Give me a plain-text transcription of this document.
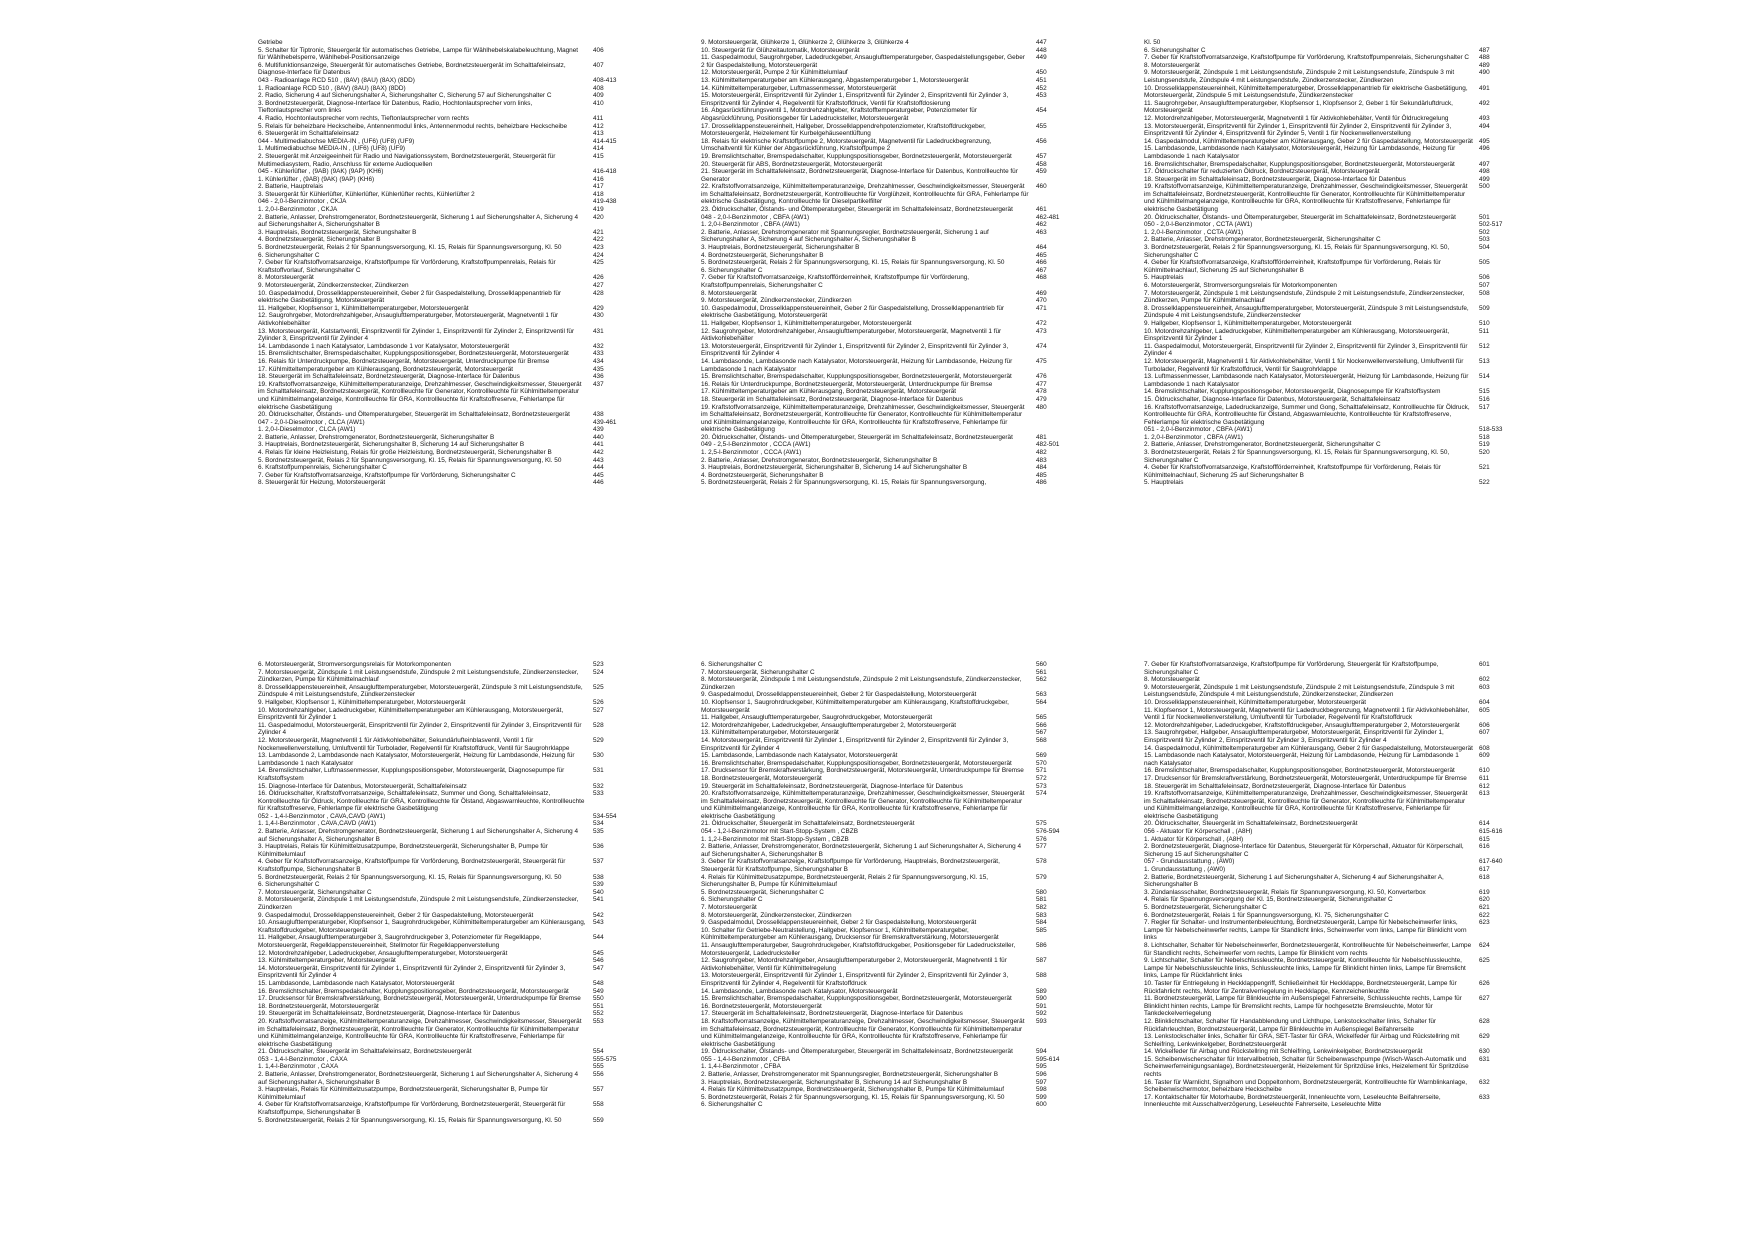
Getriebe
5. Schalter für Tiptronic, Steuergerät für automatisches Getriebe, Lampe für Wählhebelskalabeleuchtung, Magnet für Wählhebelsperre, Wählhebel-Positionsanzeige
406
6. Multifunktionsanzeige, Steuergerät für automatisches Getriebe, Bordnetzsteuergerät im Schalttafeleinsatz, Diagnose-Interface für Datenbus
407
043 - Radioanlage RCD 510 , (8AV) (8AU) (8AX) (8DD)	408-413
1. Radioanlage RCD 510 , (8AV) (8AU) (8AX) (8DD)	408
2. Radio, Sicherung 4 auf Sicherungshalter A, Sicherungshalter C, Sicherung 57 auf Sicherungshalter C	409
3. Bordnetzsteuergerät, Diagnose-Interface für Datenbus, Radio, Hochtonlautsprecher vorn links, Tieftonlautsprecher vorn links
410
4. Radio, Hochtonlautsprecher vorn rechts, Tieftonlautsprecher vorn rechts	411
5. Relais für beheizbare Heckscheibe, Antennenmodul links, Antennenmodul rechts, beheizbare Heckscheibe	412
6. Steuergerät im Schalttafeleinsatz	413
044 - Multimediabuchse MEDIA-IN , (UF6) (UF8) (UF9)	414-415
1. Multimediabuchse MEDIA-IN , (UF6) (UF8) (UF9)	414
2. Steuergerät mit Anzeigeeinheit für Radio und Navigationssystem, Bordnetzsteuergerät, Steuergerät für Multimediasystem, Radio, Anschluss für externe Audioquellen
415
045 - Kühlerlüfter , (9AB) (9AK) (9AP) (KH6)	416-418
1. Kühlerlüfter , (9AB) (9AK) (9AP) (KH6)	416
2. Batterie, Hauptrelais	417
3. Steuergerät für Kühlerlüfter, Kühlerlüfter, Kühlerlüfter rechts, Kühlerlüfter 2	418
046 - 2,0-l-Benzinmotor , CKJA	419-438
1. 2,0-l-Benzinmotor , CKJA	419
2. Batterie, Anlasser, Drehstromgenerator, Bordnetzsteuergerät, Sicherung 1 auf Sicherungshalter A, Sicherung 4 auf Sicherungshalter A, Sicherungshalter B
420
3. Hauptrelais, Bordnetzsteuergerät, Sicherungshalter B	421
4. Bordnetzsteuergerät, Sicherungshalter B	422
5. Bordnetzsteuergerät, Relais 2 für Spannungsversorgung, Kl. 15, Relais für Spannungsversorgung, Kl. 50	423
6. Sicherungshalter C	424
7. Geber für Kraftstoffvorratsanzeige, Kraftstoffpumpe für Vorförderung, Kraftstoffpumpenrelais, Relais für Kraftstoffvorlauf, Sicherungshalter C
425
8. Motorsteuergerät	426
9. Motorsteuergerät, Zündkerzenstecker, Zündkerzen	427
10. Gaspedalmodul, Drosselklappensteuereinheit, Geber 2 für Gaspedalstellung, Drosselklappenantrieb für elektrische Gasbetätigung, Motorsteuergerät
428
11. Hallgeber, Klopfsensor 1, Kühlmitteltemperaturgeber, Motorsteuergerät	429
12. Saugrohrgeber, Motordrehzahlgeber, Ansauglufttemperaturgeber, Motorsteuergerät, Magnetventil 1 für Aktivkohlebehälter
430
13. Motorsteuergerät, Katstartventil, Einspritzventil für Zylinder 1, Einspritzventil für Zylinder 2, Einspritzventil für Zylinder 3, Einspritzventil für Zylinder 4
431
14. Lambdasonde 1 nach Katalysator, Lambdasonde 1 vor Katalysator, Motorsteuergerät	432
15. Bremslichtschalter, Bremspedalschalter, Kupplungspositionsgeber, Bordnetzsteuergerät, Motorsteuergerät	433
16. Relais für Unterdruckpumpe, Bordnetzsteuergerät, Motorsteuergerät, Unterdruckpumpe für Bremse	434
17. Kühlmitteltemperaturgeber am Kühlerausgang, Bordnetzsteuergerät, Motorsteuergerät	435
18. Steuergerät im Schalttafeleinsatz, Bordnetzsteuergerät, Diagnose-Interface für Datenbus	436
19. Kraftstoffvorratsanzeige, Kühlmitteltemperaturanzeige, Drehzahlmesser, Geschwindigkeitsmesser, Steuergerät im Schalttafeleinsatz, Bordnetzsteuergerät, Kontrollleuchte für Generator, Kontrollleuchte für Kühlmitteltemperatur und Kühlmittelmangelanzeige, Kontrollleuchte für GRA, Kontrollleuchte für Kraftstoffreserve, Fehlerlampe für elektrische Gasbetätigung
437
20. Öldruckschalter, Ölstands- und Öltemperaturgeber, Steuergerät im Schalttafeleinsatz, Bordnetzsteuergerät	438
047 - 2,0-l-Dieselmotor , CLCA (AW1)	439-461
1. 2,0-l-Dieselmotor , CLCA (AW1)	439
2. Batterie, Anlasser, Drehstromgenerator, Bordnetzsteuergerät, Sicherungshalter B	440
3. Hauptrelais, Bordnetzsteuergerät, Sicherungshalter B, Sicherung 14 auf Sicherungshalter B	441
4. Relais für kleine Heizleistung, Relais für große Heizleistung, Bordnetzsteuergerät, Sicherungshalter B	442
5. Bordnetzsteuergerät, Relais 2 für Spannungsversorgung, Kl. 15, Relais für Spannungsversorgung, Kl. 50	443
6. Kraftstoffpumpenrelais, Sicherungshalter C	444
7. Geber für Kraftstoffvorratsanzeige, Kraftstoffpumpe für Vorförderung, Sicherungshalter C	445
8. Steuergerät für Heizung, Motorsteuergerät	446
9. Motorsteuergerät, Glühkerze 1, Glühkerze 2, Glühkerze 3, Glühkerze 4	447
10. Steuergerät für Glühzeitautomatik, Motorsteuergerät	448
11. Gaspedalmodul, Saugrohrgeber, Ladedruckgeber, Ansauglufttemperaturgeber, Gaspedalstellungsgeber, Geber 2 für Gaspedalstellung, Motorsteuergerät
449
12. Motorsteuergerät, Pumpe 2 für Kühlmittelumlauf	450
13. Kühlmitteltemperaturgeber am Kühlerausgang, Abgastemperaturgeber 1, Motorsteuergerät	451
14. Kühlmitteltemperaturgeber, Luftmassenmesser, Motorsteuergerät	452
15. Motorsteuergerät, Einspritzventil für Zylinder 1, Einspritzventil für Zylinder 2, Einspritzventil für Zylinder 3, Einspritzventil für Zylinder 4, Regelventil für Kraftstoffdruck, Ventil für Kraftstoffdosierung
453
16. Abgasrückführungsventil 1, Motordrehzahlgeber, Kraftstofftemperaturgeber, Potenziometer für Abgasrückführung, Positionsgeber für Ladedrucksteller, Motorsteuergerät
454
17. Drosselklappensteuereinheit, Hallgeber, Drosselklappendrehpotenziometer, Kraftstoffdruckgeber, Motorsteuergerät, Heizelement für Kurbelgehäuseentlüftung
455
18. Relais für elektrische Kraftstoffpumpe 2, Motorsteuergerät, Magnetventil für Ladedruckbegrenzung, Umschaltventil für Kühler der Abgasrückführung, Kraftstoffpumpe 2
456
19. Bremslichtschalter, Bremspedalschalter, Kupplungspositionsgeber, Bordnetzsteuergerät, Motorsteuergerät	457
20. Steuergerät für ABS, Bordnetzsteuergerät, Motorsteuergerät	458
21. Steuergerät im Schalttafeleinsatz, Bordnetzsteuergerät, Diagnose-Interface für Datenbus, Kontrollleuchte für Generator
459
22. Kraftstoffvorratsanzeige, Kühlmitteltemperaturanzeige, Drehzahlmesser, Geschwindigkeitsmesser, Steuergerät im Schalttafeleinsatz, Bordnetzsteuergerät, Kontrollleuchte für Vorglühzeit, Kontrollleuchte für GRA, Fehlerlampe für elektrische Gasbetätigung, Kontrollleuchte für Dieselpartikelfilter
460
23. Öldruckschalter, Ölstands- und Öltemperaturgeber, Steuergerät im Schalttafeleinsatz, Bordnetzsteuergerät	461
048 - 2,0-l-Benzinmotor , CBFA (AW1)	462-481
1. 2,0-l-Benzinmotor , CBFA (AW1)	462
2. Batterie, Anlasser, Drehstromgenerator mit Spannungsregler, Bordnetzsteuergerät, Sicherung 1 auf Sicherungshalter A, Sicherung 4 auf Sicherungshalter A, Sicherungshalter B
463
3. Hauptrelais, Bordnetzsteuergerät, Sicherungshalter B	464
4. Bordnetzsteuergerät, Sicherungshalter B	465
5. Bordnetzsteuergerät, Relais 2 für Spannungsversorgung, Kl. 15, Relais für Spannungsversorgung, Kl. 50	466
6. Sicherungshalter C	467
7. Geber für Kraftstoffvorratsanzeige, Kraftstoffförderreinheit, Kraftstoffpumpe für Vorförderung, Kraftstoffpumpenrelais, Sicherungshalter C
468
8. Motorsteuergerät	469
9. Motorsteuergerät, Zündkerzenstecker, Zündkerzen	470
10. Gaspedalmodul, Drosselklappensteuereinheit, Geber 2 für Gaspedalstellung, Drosselklappenantrieb für elektrische Gasbetätigung, Motorsteuergerät
471
11. Hallgeber, Klopfsensor 1, Kühlmitteltemperaturgeber, Motorsteuergerät	472
12. Saugrohrgeber, Motordrehzahlgeber, Ansauglufttemperaturgeber, Motorsteuergerät, Magnetventil 1 für Aktivkohlebehälter
473
13. Motorsteuergerät, Einspritzventil für Zylinder 1, Einspritzventil für Zylinder 2, Einspritzventil für Zylinder 3, Einspritzventil für Zylinder 4
474
14. Lambdasonde, Lambdasonde nach Katalysator, Motorsteuergerät, Heizung für Lambdasonde, Heizung für Lambdasonde 1 nach Katalysator
475
15. Bremslichtschalter, Bremspedalschalter, Kupplungspositionsgeber, Bordnetzsteuergerät, Motorsteuergerät	476
16. Relais für Unterdruckpumpe, Bordnetzsteuergerät, Motorsteuergerät, Unterdruckpumpe für Bremse	477
17. Kühlmitteltemperaturgeber am Kühlerausgang, Bordnetzsteuergerät, Motorsteuergerät	478
18. Steuergerät im Schalttafeleinsatz, Bordnetzsteuergerät, Diagnose-Interface für Datenbus	479
19. Kraftstoffvorratsanzeige, Kühlmitteltemperaturanzeige, Drehzahlmesser, Geschwindigkeitsmesser, Steuergerät im Schalttafeleinsatz, Bordnetzsteuergerät, Kontrollleuchte für Generator, Kontrollleuchte für Kühlmitteltemperatur und Kühlmittelmangelanzeige, Kontrollleuchte für GRA, Kontrollleuchte für Kraftstoffreserve, Fehlerlampe für elektrische Gasbetätigung
480
20. Öldruckschalter, Ölstands- und Öltemperaturgeber, Steuergerät im Schalttafeleinsatz, Bordnetzsteuergerät	481
049 - 2,5-l-Benzinmotor , CCCA (AW1)	482-501
1. 2,5-l-Benzinmotor , CCCA (AW1)	482
2. Batterie, Anlasser, Drehstromgenerator, Bordnetzsteuergerät, Sicherungshalter B	483
3. Hauptrelais, Bordnetzsteuergerät, Sicherungshalter B, Sicherung 14 auf Sicherungshalter B	484
4. Bordnetzsteuergerät, Sicherungshalter B	485
5. Bordnetzsteuergerät, Relais 2 für Spannungsversorgung, Kl. 15, Relais für Spannungsversorgung,	486
Kl. 50
6. Sicherungshalter C	487
7. Geber für Kraftstoffvorratsanzeige, Kraftstoffpumpe für Vorförderung, Kraftstoffpumpenrelais, Sicherungshalter C	488
8. Motorsteuergerät	489
9. Motorsteuergerät, Zündspule 1 mit Leistungsendstufe, Zündspule 2 mit Leistungsendstufe, Zündspule 3 mit Leistungsendstufe, Zündspule 4 mit Leistungsendstufe, Zündkerzenstecker, Zündkerzen
490
10. Drosselklappensteuereinheit, Kühlmitteltemperaturgeber, Drosselklappenantrieb für elektrische Gasbetätigung, Motorsteuergerät, Zündspule 5 mit Leistungsendstufe, Zündkerzenstecker
491
11. Saugrohrgeber, Ansauglufttemperaturgeber, Klopfsensor 1, Klopfsensor 2, Geber 1 für Sekundärluftdruck, Motorsteuergerät
492
12. Motordrehzahlgeber, Motorsteuergerät, Magnetventil 1 für Aktivkohlebehälter, Ventil für Öldruckregelung	493
13. Motorsteuergerät, Einspritzventil für Zylinder 1, Einspritzventil für Zylinder 2, Einspritzventil für Zylinder 3, Einspritzventil für Zylinder 4, Einspritzventil für Zylinder 5, Ventil 1 für Nockenwellenverstellung
494
14. Gaspedalmodul, Kühlmitteltemperaturgeber am Kühlerausgang, Geber 2 für Gaspedalstellung, Motorsteuergerät 495
15. Lambdasonde, Lambdasonde nach Katalysator, Motorsteuergerät, Heizung für Lambdasonde, Heizung für Lambdasonde 1 nach Katalysator
496
16. Bremslichtschalter, Bremspedalschalter, Kupplungspositionsgeber, Bordnetzsteuergerät, Motorsteuergerät	497
17. Öldruckschalter für reduzierten Öldruck, Bordnetzsteuergerät, Motorsteuergerät	498
18. Steuergerät im Schalttafeleinsatz, Bordnetzsteuergerät, Diagnose-Interface für Datenbus	499
19. Kraftstoffvorratsanzeige, Kühlmitteltemperaturanzeige, Drehzahlmesser, Geschwindigkeitsmesser, Steuergerät im Schalttafeleinsatz, Bordnetzsteuergerät, Kontrollleuchte für Generator, Kontrollleuchte für Kühlmitteltemperatur und Kühlmittelmangelanzeige, Kontrollleuchte für GRA, Kontrollleuchte für Kraftstoffreserve, Fehlerlampe für elektrische Gasbetätigung
500
20. Öldruckschalter, Ölstands- und Öltemperaturgeber, Steuergerät im Schalttafeleinsatz, Bordnetzsteuergerät	501
050 - 2,0-l-Benzinmotor , CCTA (AW1)	502-517
1. 2,0-l-Benzinmotor , CCTA (AW1)	502
2. Batterie, Anlasser, Drehstromgenerator, Bordnetzsteuergerät, Sicherungshalter C	503
3. Bordnetzsteuergerät, Relais 2 für Spannungsversorgung, Kl. 15, Relais für Spannungsversorgung, Kl. 50, Sicherungshalter C
504
4. Geber für Kraftstoffvorratsanzeige, Kraftstoffförderreinheit, Kraftstoffpumpe für Vorförderung, Relais für Kühlmittelnachlauf, Sicherung 25 auf Sicherungshalter B
505
5. Hauptrelais	506
6. Motorsteuergerät, Stromversorgungsrelais für Motorkomponenten	507
7. Motorsteuergerät, Zündspule 1 mit Leistungsendstufe, Zündspule 2 mit Leistungsendstufe, Zündkerzenstecker, Zündkerzen, Pumpe für Kühlmittelnachlauf
508
8. Drosselklappensteuereinheit, Ansauglufttemperaturgeber, Motorsteuergerät, Zündspule 3 mit Leistungsendstufe, Zündspule 4 mit Leistungsendstufe, Zündkerzenstecker
509
9. Hallgeber, Klopfsensor 1, Kühlmitteltemperaturgeber, Motorsteuergerät	510
10. Motordrehzahlgeber, Ladedruckgeber, Kühlmitteltemperaturgeber am Kühlerausgang, Motorsteuergerät, Einspritzventil für Zylinder 1
511
11. Gaspedalmodul, Motorsteuergerät, Einspritzventil für Zylinder 2, Einspritzventil für Zylinder 3, Einspritzventil für Zylinder 4
512
12. Motorsteuergerät, Magnetventil 1 für Aktivkohlebehälter, Ventil 1 für Nockenwellenverstellung, Umluftventil für Turbolader, Regelventil für Kraftstoffdruck, Ventil für Saugrohrklappe
513
13. Luftmassenmesser, Lambdasonde nach Katalysator, Motorsteuergerät, Heizung für Lambdasonde, Heizung für Lambdasonde 1 nach Katalysator
514
14. Bremslichtschalter, Kupplungspositionsgeber, Motorsteuergerät, Diagnosepumpe für Kraftstoffsystem	515
15. Öldruckschalter, Diagnose-Interface für Datenbus, Motorsteuergerät, Schalttafeleinsatz	516
16. Kraftstoffvorratsanzeige, Ladedruckanzeige, Summer und Gong, Schalttafeleinsatz, Kontrollleuchte für Öldruck, Kontrollleuchte für GRA, Kontrollleuchte für Ölstand, Abgaswarnleuchte, Kontrollleuchte für Kraftstoffreserve, Fehlerlampe für elektrische Gasbetätigung
517
051 - 2,0-l-Benzinmotor , CBFA (AW1)	518-533
1. 2,0-l-Benzinmotor , CBFA (AW1)	518
2. Batterie, Anlasser, Drehstromgenerator, Bordnetzsteuergerät, Sicherungshalter C	519
3. Bordnetzsteuergerät, Relais 2 für Spannungsversorgung, Kl. 15, Relais für Spannungsversorgung, Kl. 50, Sicherungshalter C
520
4. Geber für Kraftstoffvorratsanzeige, Kraftstoffförderreinheit, Kraftstoffpumpe für Vorförderung, Relais für Kühlmittelnachlauf, Sicherung 25 auf Sicherungshalter B
521
5. Hauptrelais	522
6. Motorsteuergerät, Stromversorgungsrelais für Motorkomponenten	523
7. Motorsteuergerät, Zündspule 1 mit Leistungsendstufe, Zündspule 2 mit Leistungsendstufe, Zündkerzenstecker, Zündkerzen, Pumpe für Kühlmittelnachlauf
524
8. Drosselklappensteuereinheit, Ansauglufttemperaturgeber, Motorsteuergerät, Zündspule 3 mit Leistungsendstufe, Zündspule 4 mit Leistungsendstufe, Zündkerzenstecker
525
9. Hallgeber, Klopfsensor 1, Kühlmitteltemperaturgeber, Motorsteuergerät	526
10. Motordrehzahlgeber, Ladedruckgeber, Kühlmitteltemperaturgeber am Kühlerausgang, Motorsteuergerät, Einspritzventil für Zylinder 1
527
11. Gaspedalmodul, Motorsteuergerät, Einspritzventil für Zylinder 2, Einspritzventil für Zylinder 3, Einspritzventil für Zylinder 4
528
12. Motorsteuergerät, Magnetventil 1 für Aktivkohlebehälter, Sekundärlufteinblasventil, Ventil 1 für Nockenwellenverstellung, Umluftventil für Turbolader, Regelventil für Kraftstoffdruck, Ventil für Saugrohrklappe
529
13. Lambdasonde 2, Lambdasonde nach Katalysator, Motorsteuergerät, Heizung für Lambdasonde, Heizung für Lambdasonde 1 nach Katalysator
530
14. Bremslichtschalter, Luftmassenmesser, Kupplungspositionsgeber, Motorsteuergerät, Diagnosepumpe für Kraftstoffsystem
531
15. Diagnose-Interface für Datenbus, Motorsteuergerät, Schalttafeleinsatz	532
16. Öldruckschalter, Kraftstoffvorratsanzeige, Schalttafeleinsatz, Summer und Gong, Schalttafeleinsatz, Kontrollleuchte für Öldruck, Kontrollleuchte für GRA, Kontrollleuchte für Ölstand, Abgaswarnleuchte, Kontrollleuchte für Kraftstoffreserve, Fehlerlampe für elektrische Gasbetätigung
533
052 - 1,4-l-Benzinmotor , CAVA,CAVD (AW1)	534-554
1. 1,4-l-Benzinmotor , CAVA,CAVD (AW1)	534
2. Batterie, Anlasser, Drehstromgenerator, Bordnetzsteuergerät, Sicherung 1 auf Sicherungshalter A, Sicherung 4 auf Sicherungshalter A, Sicherungshalter B
535
3. Hauptrelais, Relais für Kühlmittelzusatzpumpe, Bordnetzsteuergerät, Sicherungshalter B, Pumpe für Kühlmittelumlauf
536
4. Geber für Kraftstoffvorratsanzeige, Kraftstoffpumpe für Vorförderung, Bordnetzsteuergerät, Steuergerät für Kraftstoffpumpe, Sicherungshalter B
537
5. Bordnetzsteuergerät, Relais 2 für Spannungsversorgung, Kl. 15, Relais für Spannungsversorgung, Kl. 50	538
6. Sicherungshalter C	539
7. Motorsteuergerät, Sicherungshalter C	540
8. Motorsteuergerät, Zündspule 1 mit Leistungsendstufe, Zündspule 2 mit Leistungsendstufe, Zündkerzenstecker, Zündkerzen
541
9. Gaspedalmodul, Drosselklappensteuereinheit, Geber 2 für Gaspedalstellung, Motorsteuergerät	542
10. Ansauglufttemperaturgeber, Klopfsensor 1, Saugrohrdruckgeber, Kühlmitteltemperaturgeber am Kühlerausgang, Kraftstoffdruckgeber, Motorsteuergerät
543
11. Hallgeber, Ansauglufttemperaturgeber 3, Saugrohrdruckgeber 3, Potenziometer für Regelklappe, Motorsteuergerät, Regelklappensteuereinheit, Stellmotor für Regelklappenverstellung
544
12. Motordrehzahlgeber, Ladedruckgeber, Ansauglufttemperaturgeber, Motorsteuergerät	545
13. Kühlmitteltemperaturgeber, Motorsteuergerät	546
14. Motorsteuergerät, Einspritzventil für Zylinder 1, Einspritzventil für Zylinder 2, Einspritzventil für Zylinder 3, Einspritzventil für Zylinder 4
547
15. Lambdasonde, Lambdasonde nach Katalysator, Motorsteuergerät	548
16. Bremslichtschalter, Bremspedalschalter, Kupplungspositionsgeber, Bordnetzsteuergerät, Motorsteuergerät	549
17. Drucksensor für Bremskraftverstärkung, Bordnetzsteuergerät, Motorsteuergerät, Unterdruckpumpe für Bremse	550
18. Bordnetzsteuergerät, Motorsteuergerät	551
19. Steuergerät im Schalttafeleinsatz, Bordnetzsteuergerät, Diagnose-Interface für Datenbus	552
20. Kraftstoffvorratsanzeige, Kühlmitteltemperaturanzeige, Drehzahlmesser, Geschwindigkeitsmesser, Steuergerät im Schalttafeleinsatz, Bordnetzsteuergerät, Kontrollleuchte für Generator, Kontrollleuchte für Kühlmitteltemperatur und Kühlmittelmangelanzeige, Kontrollleuchte für GRA, Kontrollleuchte für Kraftstoffreserve, Fehlerlampe für elektrische Gasbetätigung
553
21. Öldruckschalter, Steuergerät im Schalttafeleinsatz, Bordnetzsteuergerät	554
053 - 1,4-l-Benzinmotor , CAXA	555-575
1. 1,4-l-Benzinmotor , CAXA	555
2. Batterie, Anlasser, Drehstromgenerator, Bordnetzsteuergerät, Sicherung 1 auf Sicherungshalter A, Sicherung 4 auf Sicherungshalter A, Sicherungshalter B
556
3. Hauptrelais, Relais für Kühlmittelzusatzpumpe, Bordnetzsteuergerät, Sicherungshalter B, Pumpe für Kühlmittelumlauf
557
4. Geber für Kraftstoffvorratsanzeige, Kraftstoffpumpe für Vorförderung, Bordnetzsteuergerät, Steuergerät für Kraftstoffpumpe, Sicherungshalter B
558
5. Bordnetzsteuergerät, Relais 2 für Spannungsversorgung, Kl. 15, Relais für Spannungsversorgung, Kl. 50	559
6. Sicherungshalter C	560
7. Motorsteuergerät, Sicherungshalter C	561
8. Motorsteuergerät, Zündspule 1 mit Leistungsendstufe, Zündspule 2 mit Leistungsendstufe, Zündkerzenstecker, Zündkerzen
562
9. Gaspedalmodul, Drosselklappensteuereinheit, Geber 2 für Gaspedalstellung, Motorsteuergerät	563
10. Klopfsensor 1, Saugrohrdruckgeber, Kühlmitteltemperaturgeber am Kühlerausgang, Kraftstoffdruckgeber, Motorsteuergerät
564
11. Hallgeber, Ansauglufttemperaturgeber, Saugrohrdruckgeber, Motorsteuergerät	565
12. Motordrehzahlgeber, Ladedruckgeber, Ansauglufttemperaturgeber 2, Motorsteuergerät	566
13. Kühlmitteltemperaturgeber, Motorsteuergerät	567
14. Motorsteuergerät, Einspritzventil für Zylinder 1, Einspritzventil für Zylinder 2, Einspritzventil für Zylinder 3, Einspritzventil für Zylinder 4
568
15. Lambdasonde, Lambdasonde nach Katalysator, Motorsteuergerät	569
16. Bremslichtschalter, Bremspedalschalter, Kupplungspositionsgeber, Bordnetzsteuergerät, Motorsteuergerät	570
17. Drucksensor für Bremskraftverstärkung, Bordnetzsteuergerät, Motorsteuergerät, Unterdruckpumpe für Bremse	571
18. Bordnetzsteuergerät, Motorsteuergerät	572
19. Steuergerät im Schalttafeleinsatz, Bordnetzsteuergerät, Diagnose-Interface für Datenbus	573
20. Kraftstoffvorratsanzeige, Kühlmitteltemperaturanzeige, Drehzahlmesser, Geschwindigkeitsmesser, Steuergerät im Schalttafeleinsatz, Bordnetzsteuergerät, Kontrollleuchte für Generator, Kontrollleuchte für Kühlmitteltemperatur und Kühlmittelmangelanzeige, Kontrollleuchte für GRA, Kontrollleuchte für Kraftstoffreserve, Fehlerlampe für elektrische Gasbetätigung
574
21. Öldruckschalter, Steuergerät im Schalttafeleinsatz, Bordnetzsteuergerät	575
054 - 1,2-l-Benzinmotor mit Start-Stopp-System , CBZB	576-594
1. 1,2-l-Benzinmotor mit Start-Stopp-System , CBZB	576
2. Batterie, Anlasser, Drehstromgenerator, Bordnetzsteuergerät, Sicherung 1 auf Sicherungshalter A, Sicherung 4 auf Sicherungshalter A, Sicherungshalter B
577
3. Geber für Kraftstoffvorratsanzeige, Kraftstoffpumpe für Vorförderung, Hauptrelais, Bordnetzsteuergerät, Steuergerät für Kraftstoffpumpe, Sicherungshalter B
578
4. Relais für Kühlmittelzusatzpumpe, Bordnetzsteuergerät, Relais 2 für Spannungsversorgung, Kl. 15, Sicherungshalter B, Pumpe für Kühlmittelumlauf
579
5. Bordnetzsteuergerät, Sicherungshalter C	580
6. Sicherungshalter C	581
7. Motorsteuergerät	582
8. Motorsteuergerät, Zündkerzenstecker, Zündkerzen	583
9. Gaspedalmodul, Drosselklappensteuereinheit, Geber 2 für Gaspedalstellung, Motorsteuergerät	584
10. Schalter für Getriebe-Neutralstellung, Hallgeber, Klopfsensor 1, Kühlmitteltemperaturgeber, Kühlmitteltemperaturgeber am Kühlerausgang, Drucksensor für Bremskraftverstärkung, Motorsteuergerät
585
11. Ansauglufttemperaturgeber, Saugrohrdruckgeber, Kraftstoffdruckgeber, Positionsgeber für Ladedrucksteller, Motorsteuergerät, Ladedrucksteller
586
12. Saugrohrgeber, Motordrehzahlgeber, Ansauglufttemperaturgeber 2, Motorsteuergerät, Magnetventil 1 für Aktivkohlebehälter, Ventil für Kühlmittelregelung
587
13. Motorsteuergerät, Einspritzventil für Zylinder 1, Einspritzventil für Zylinder 2, Einspritzventil für Zylinder 3, Einspritzventil für Zylinder 4, Regelventil für Kraftstoffdruck
588
14. Lambdasonde, Lambdasonde nach Katalysator, Motorsteuergerät	589
15. Bremslichtschalter, Bremspedalschalter, Kupplungspositionsgeber, Bordnetzsteuergerät, Motorsteuergerät	590
16. Bordnetzsteuergerät, Motorsteuergerät	591
17. Steuergerät im Schalttafeleinsatz, Bordnetzsteuergerät, Diagnose-Interface für Datenbus	592
18. Kraftstoffvorratsanzeige, Kühlmitteltemperaturanzeige, Drehzahlmesser, Geschwindigkeitsmesser, Steuergerät im Schalttafeleinsatz, Bordnetzsteuergerät, Kontrollleuchte für Generator, Kontrollleuchte für Kühlmitteltemperatur und Kühlmittelmangelanzeige, Kontrollleuchte für GRA, Kontrollleuchte für Kraftstoffreserve, Fehlerlampe für elektrische Gasbetätigung
593
19. Öldruckschalter, Ölstands- und Öltemperaturgeber, Steuergerät im Schalttafeleinsatz, Bordnetzsteuergerät	594
055 - 1,4-l-Benzinmotor , CFBA	595-614
1. 1,4-l-Benzinmotor , CFBA	595
2. Batterie, Anlasser, Drehstromgenerator mit Spannungsregler, Bordnetzsteuergerät, Sicherungshalter B	596
3. Hauptrelais, Bordnetzsteuergerät, Sicherungshalter B, Sicherung 14 auf Sicherungshalter B	597
4. Relais für Kühlmittelzusatzpumpe, Bordnetzsteuergerät, Sicherungshalter B, Pumpe für Kühlmittelumlauf	598
5. Bordnetzsteuergerät, Relais 2 für Spannungsversorgung, Kl. 15, Relais für Spannungsversorgung, Kl. 50	599
6. Sicherungshalter C	600
7. Geber für Kraftstoffvorratsanzeige, Kraftstoffpumpe für Vorförderung, Steuergerät für Kraftstoffpumpe, Sicherungshalter C
601
8. Motorsteuergerät	602
9. Motorsteuergerät, Zündspule 1 mit Leistungsendstufe, Zündspule 2 mit Leistungsendstufe, Zündspule 3 mit Leistungsendstufe, Zündspule 4 mit Leistungsendstufe, Zündkerzenstecker, Zündkerzen
603
10. Drosselklappensteuereinheit, Kühlmitteltemperaturgeber, Motorsteuergerät	604
11. Klopfsensor 1, Motorsteuergerät, Magnetventil für Ladedruckbegrenzung, Magnetventil 1 für Aktivkohlebehälter, Ventil 1 für Nockenwellenverstellung, Umluftventil für Turbolader, Regelventil für Kraftstoffdruck
605
12. Motordrehzahlgeber, Ladedruckgeber, Kraftstoffdruckgeber, Ansauglufttemperaturgeber 2, Motorsteuergerät	606
13. Saugrohrgeber, Hallgeber, Ansauglufttemperaturgeber, Motorsteuergerät, Einspritzventil für Zylinder 1, Einspritzventil für Zylinder 2, Einspritzventil für Zylinder 3, Einspritzventil für Zylinder 4
607
14. Gaspedalmodul, Kühlmitteltemperaturgeber am Kühlerausgang, Geber 2 für Gaspedalstellung, Motorsteuergerät 608
15. Lambdasonde nach Katalysator, Motorsteuergerät, Heizung für Lambdasonde, Heizung für Lambdasonde 1 nach Katalysator
609
16. Bremslichtschalter, Bremspedalschalter, Kupplungspositionsgeber, Bordnetzsteuergerät, Motorsteuergerät	610
17. Drucksensor für Bremskraftverstärkung, Bordnetzsteuergerät, Motorsteuergerät, Unterdruckpumpe für Bremse	611
18. Steuergerät im Schalttafeleinsatz, Bordnetzsteuergerät, Diagnose-Interface für Datenbus	612
19. Kraftstoffvorratsanzeige, Kühlmitteltemperaturanzeige, Drehzahlmesser, Geschwindigkeitsmesser, Steuergerät im Schalttafeleinsatz, Bordnetzsteuergerät, Kontrollleuchte für Generator, Kontrollleuchte für Kühlmitteltemperatur und Kühlmittelmangelanzeige, Kontrollleuchte für GRA, Kontrollleuchte für Kraftstoffreserve, Fehlerlampe für elektrische Gasbetätigung
613
20. Öldruckschalter, Steuergerät im Schalttafeleinsatz, Bordnetzsteuergerät	614
056 - Aktuator für Körperschall , (A8H)	615-616
1. Aktuator für Körperschall , (A8H)	615
2. Bordnetzsteuergerät, Diagnose-Interface für Datenbus, Steuergerät für Körperschall, Aktuator für Körperschall, Sicherung 15 auf Sicherungshalter C
616
057 - Grundausstattung , (AW0)	617-640
1. Grundausstattung , (AW0)	617
2. Batterie, Bordnetzsteuergerät, Sicherung 1 auf Sicherungshalter A, Sicherung 4 auf Sicherungshalter A, Sicherungshalter B
618
3. Zündanlassschalter, Bordnetzsteuergerät, Relais für Spannungsversorgung, Kl. 50, Konverterbox	619
4. Relais für Spannungsversorgung der Kl. 15, Bordnetzsteuergerät, Sicherungshalter C	620
5. Bordnetzsteuergerät, Sicherungshalter C	621
6. Bordnetzsteuergerät, Relais 1 für Spannungsversorgung, Kl. 75, Sicherungshalter C	622
7. Regler für Schalter- und Instrumentenbeleuchtung, Bordnetzsteuergerät, Lampe für Nebelscheinwerfer links, Lampe für Nebelscheinwerfer rechts, Lampe für Standlicht links, Scheinwerfer vorn links, Lampe für Blinklicht vorn links
623
8. Lichtschalter, Schalter für Nebelscheinwerfer, Bordnetzsteuergerät, Kontrollleuchte für Nebelscheinwerfer, Lampe für Standlicht rechts, Scheinwerfer vorn rechts, Lampe für Blinklicht vorn rechts
624
9. Lichtschalter, Schalter für Nebelschlussleuchte, Bordnetzsteuergerät, Kontrollleuchte für Nebelschlussleuchte, Lampe für Nebelschlussleuchte links, Schlussleuchte links, Lampe für Blinklicht hinten links, Lampe für Bremslicht links, Lampe für Rückfahrlicht links
625
10. Taster für Entriegelung in Heckklappengriff, Schließeinheit für Heckklappe, Bordnetzsteuergerät, Lampe für Rückfahrlicht rechts, Motor für Zentralverriegelung in Heckklappe, Kennzeichenleuchte
626
11. Bordnetzsteuergerät, Lampe für Blinkleuchte im Außenspiegel Fahrerseite, Schlussleuchte rechts, Lampe für Blinklicht hinten rechts, Lampe für Bremslicht rechts, Lampe für hochgesetzte Bremsleuchte, Motor für Tankdeckelverriegelung
627
12. Blinklichtschalter, Schalter für Handabblendung und Lichthupe, Lenkstockschalter links, Schalter für Rückfahrleuchten, Bordnetzsteuergerät, Lampe für Blinkleuchte im Außenspiegel Beifahrerseite
628
13. Lenkstockschalter links, Schalter für GRA, SET-Taster für GRA, Wickelfeder für Airbag und Rückstellring mit Schleifring, Lenkwinkelgeber, Bordnetzsteuergerät
629
14. Wickelfeder für Airbag und Rückstellring mit Schleifring, Lenkwinkelgeber, Bordnetzsteuergerät	630
15. Scheibenwischerschalter für Intervallbetrieb, Schalter für Scheibenwaschpumpe (Wisch-Wasch-Automatik und Scheinwerferreinigungsanlage), Bordnetzsteuergerät, Heizelement für Spritzdüse links, Heizelement für Spritzdüse rechts
631
16. Taster für Warnlicht, Signalhorn und Doppeltonhorn, Bordnetzsteuergerät, Kontrollleuchte für Warnblinkanlage, Scheibenwischermotor, beheizbare Heckscheibe
632
17. Kontaktschalter für Motorhaube, Bordnetzsteuergerät, Innenleuchte vorn, Leseleuchte Beifahrerseite, Innenleuchte mit Ausschaltverzögerung, Leseleuchte Fahrerseite, Leseleuchte Mitte
633
